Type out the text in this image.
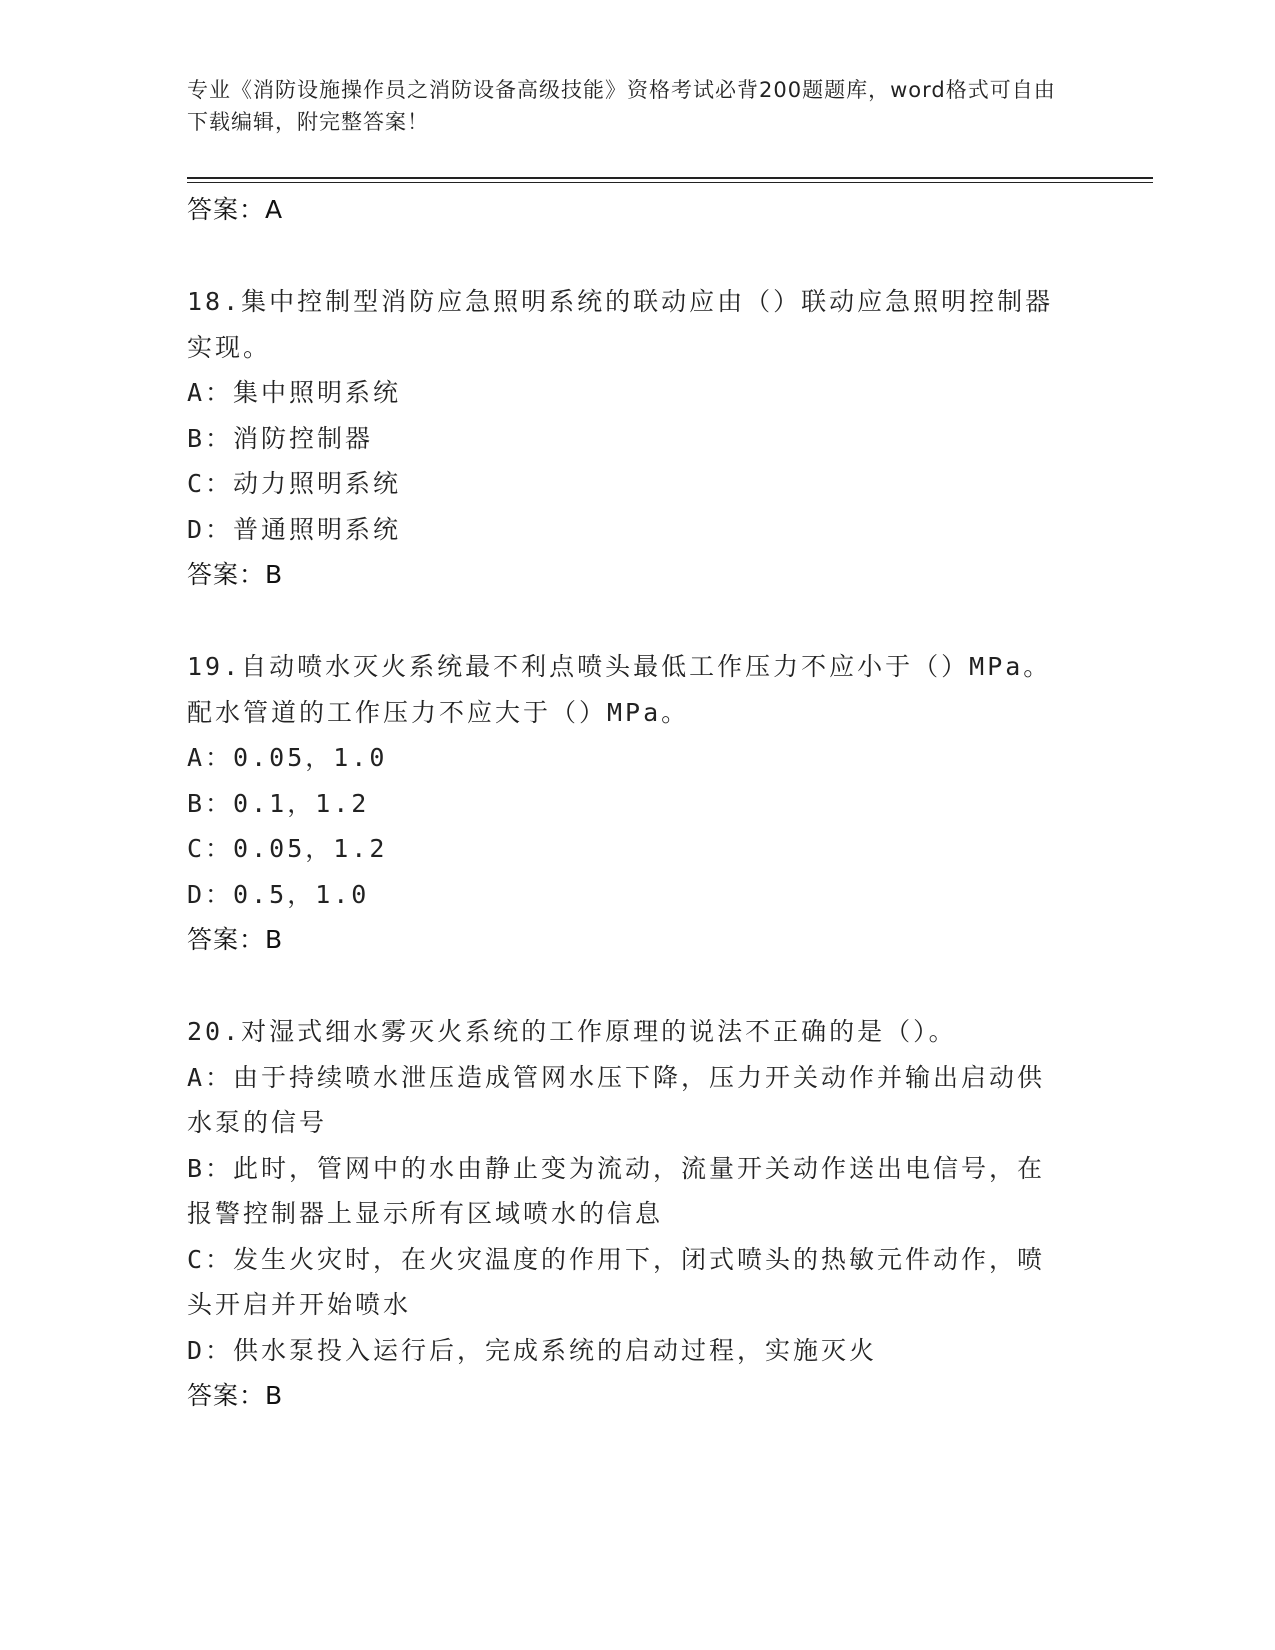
专业《消防设施操作员之消防设备高级技能》资格考试必背200题题库，word格式可自由下载编辑，附完整答案！
答案：A
18.集中控制型消防应急照明系统的联动应由（）联动应急照明控制器
实现。
A：集中照明系统
B：消防控制器
C：动力照明系统
D：普通照明系统
答案：B
19.自动喷水灭火系统最不利点喷头最低工作压力不应小于（）MPa。
配水管道的工作压力不应大于（）MPa。
A：0.05，1.0
B：0.1，1.2
C：0.05，1.2
D：0.5，1.0
答案：B
20.对湿式细水雾灭火系统的工作原理的说法不正确的是（）。
A：由于持续喷水泄压造成管网水压下降，压力开关动作并输出启动供
水泵的信号
B：此时，管网中的水由静止变为流动，流量开关动作送出电信号，在
报警控制器上显示所有区域喷水的信息
C：发生火灾时，在火灾温度的作用下，闭式喷头的热敏元件动作，喷
头开启并开始喷水
D：供水泵投入运行后，完成系统的启动过程，实施灭火
答案：B
